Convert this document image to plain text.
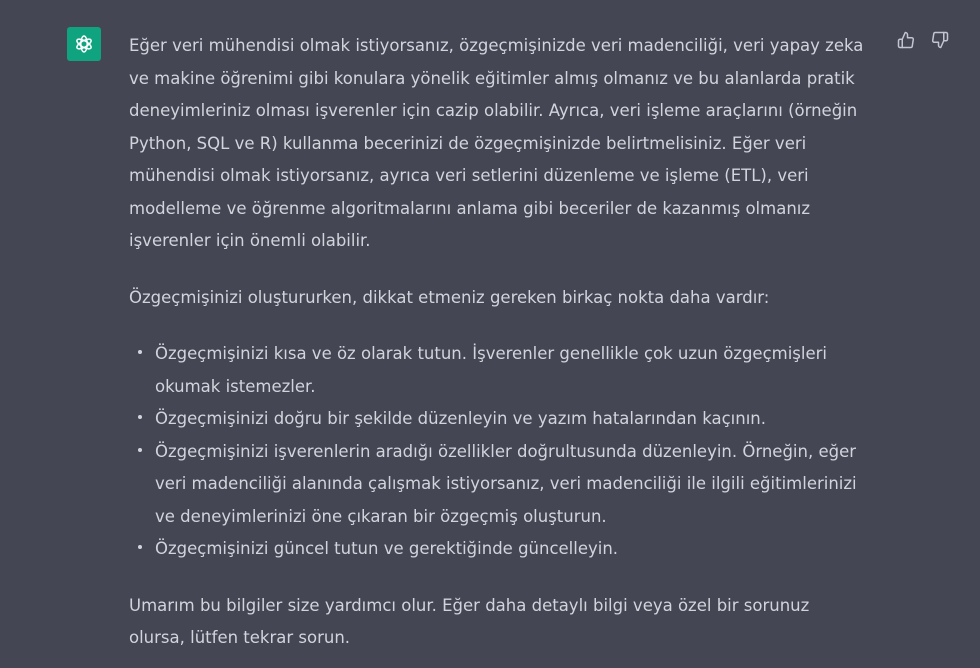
Eğer veri mühendisi olmak istiyorsanız, özgeçmişinizde veri madenciliği, veri yapay zeka ve makine öğrenimi gibi konulara yönelik eğitimler almış olmanız ve bu alanlarda pratik deneyimleriniz olması işverenler için cazip olabilir. Ayrıca, veri işleme araçlarını (örneğin Python, SQL ve R) kullanma becerinizi de özgeçmişinizde belirtmelisiniz. Eğer veri mühendisi olmak istiyorsanız, ayrıca veri setlerini düzenleme ve işleme (ETL), veri modelleme ve öğrenme algoritmalarını anlama gibi beceriler de kazanmış olmanız işverenler için önemli olabilir.

Özgeçmişinizi oluştururken, dikkat etmeniz gereken birkaç nokta daha vardır:

Özgeçmişinizi kısa ve öz olarak tutun. İşverenler genellikle çok uzun özgeçmişleri okumak istemezler.
Özgeçmişinizi doğru bir şekilde düzenleyin ve yazım hatalarından kaçının.
Özgeçmişinizi işverenlerin aradığı özellikler doğrultusunda düzenleyin. Örneğin, eğer veri madenciliği alanında çalışmak istiyorsanız, veri madenciliği ile ilgili eğitimlerinizi ve deneyimlerinizi öne çıkaran bir özgeçmiş oluşturun.
Özgeçmişinizi güncel tutun ve gerektiğinde güncelleyin.

Umarım bu bilgiler size yardımcı olur. Eğer daha detaylı bilgi veya özel bir sorunuz olursa, lütfen tekrar sorun.
